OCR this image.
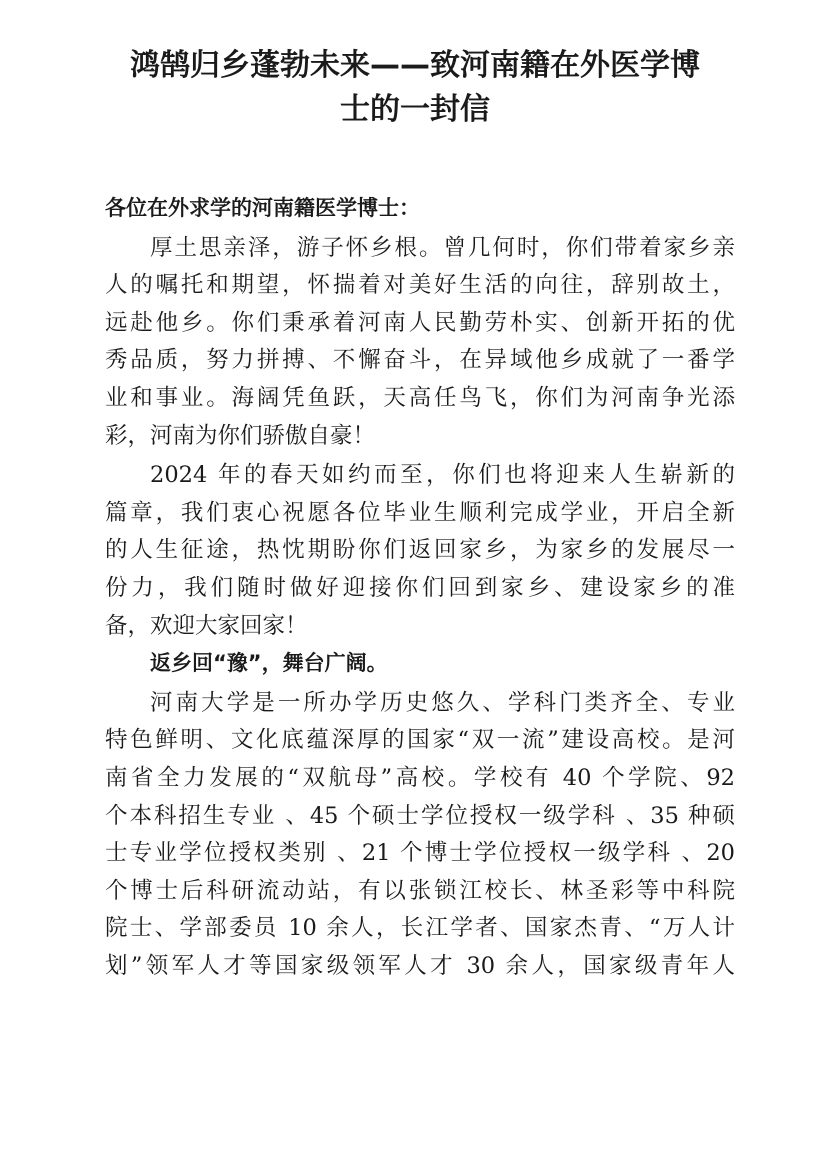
鸿鹄归乡蓬勃未来——致河南籍在外医学博
士的一封信
各位在外求学的河南籍医学博士：
厚土思亲泽，游子怀乡根。曾几何时，你们带着家乡亲
人的嘱托和期望，怀揣着对美好生活的向往，辞别故土，
远赴他乡。你们秉承着河南人民勤劳朴实、创新开拓的优
秀品质，努力拼搏、不懈奋斗，在异域他乡成就了一番学
业和事业。海阔凭鱼跃，天高任鸟飞，你们为河南争光添
彩，河南为你们骄傲自豪！
2024 年的春天如约而至，你们也将迎来人生崭新的
篇章，我们衷心祝愿各位毕业生顺利完成学业，开启全新
的人生征途，热忱期盼你们返回家乡，为家乡的发展尽一
份力，我们随时做好迎接你们回到家乡、建设家乡的准
备，欢迎大家回家！
返乡回“豫”，舞台广阔。
河南大学是一所办学历史悠久、学科门类齐全、专业
特色鲜明、文化底蕴深厚的国家“双一流”建设高校。是河
南省全力发展的“双航母”高校。学校有 40 个学院、92
个本科招生专业 、45 个硕士学位授权一级学科 、35 种硕
士专业学位授权类别 、21 个博士学位授权一级学科 、20
个博士后科研流动站，有以张锁江校长、林圣彩等中科院
院士、学部委员 10 余人，长江学者、国家杰青、“万人计
划”领军人才等国家级领军人才 30 余人，国家级青年人
